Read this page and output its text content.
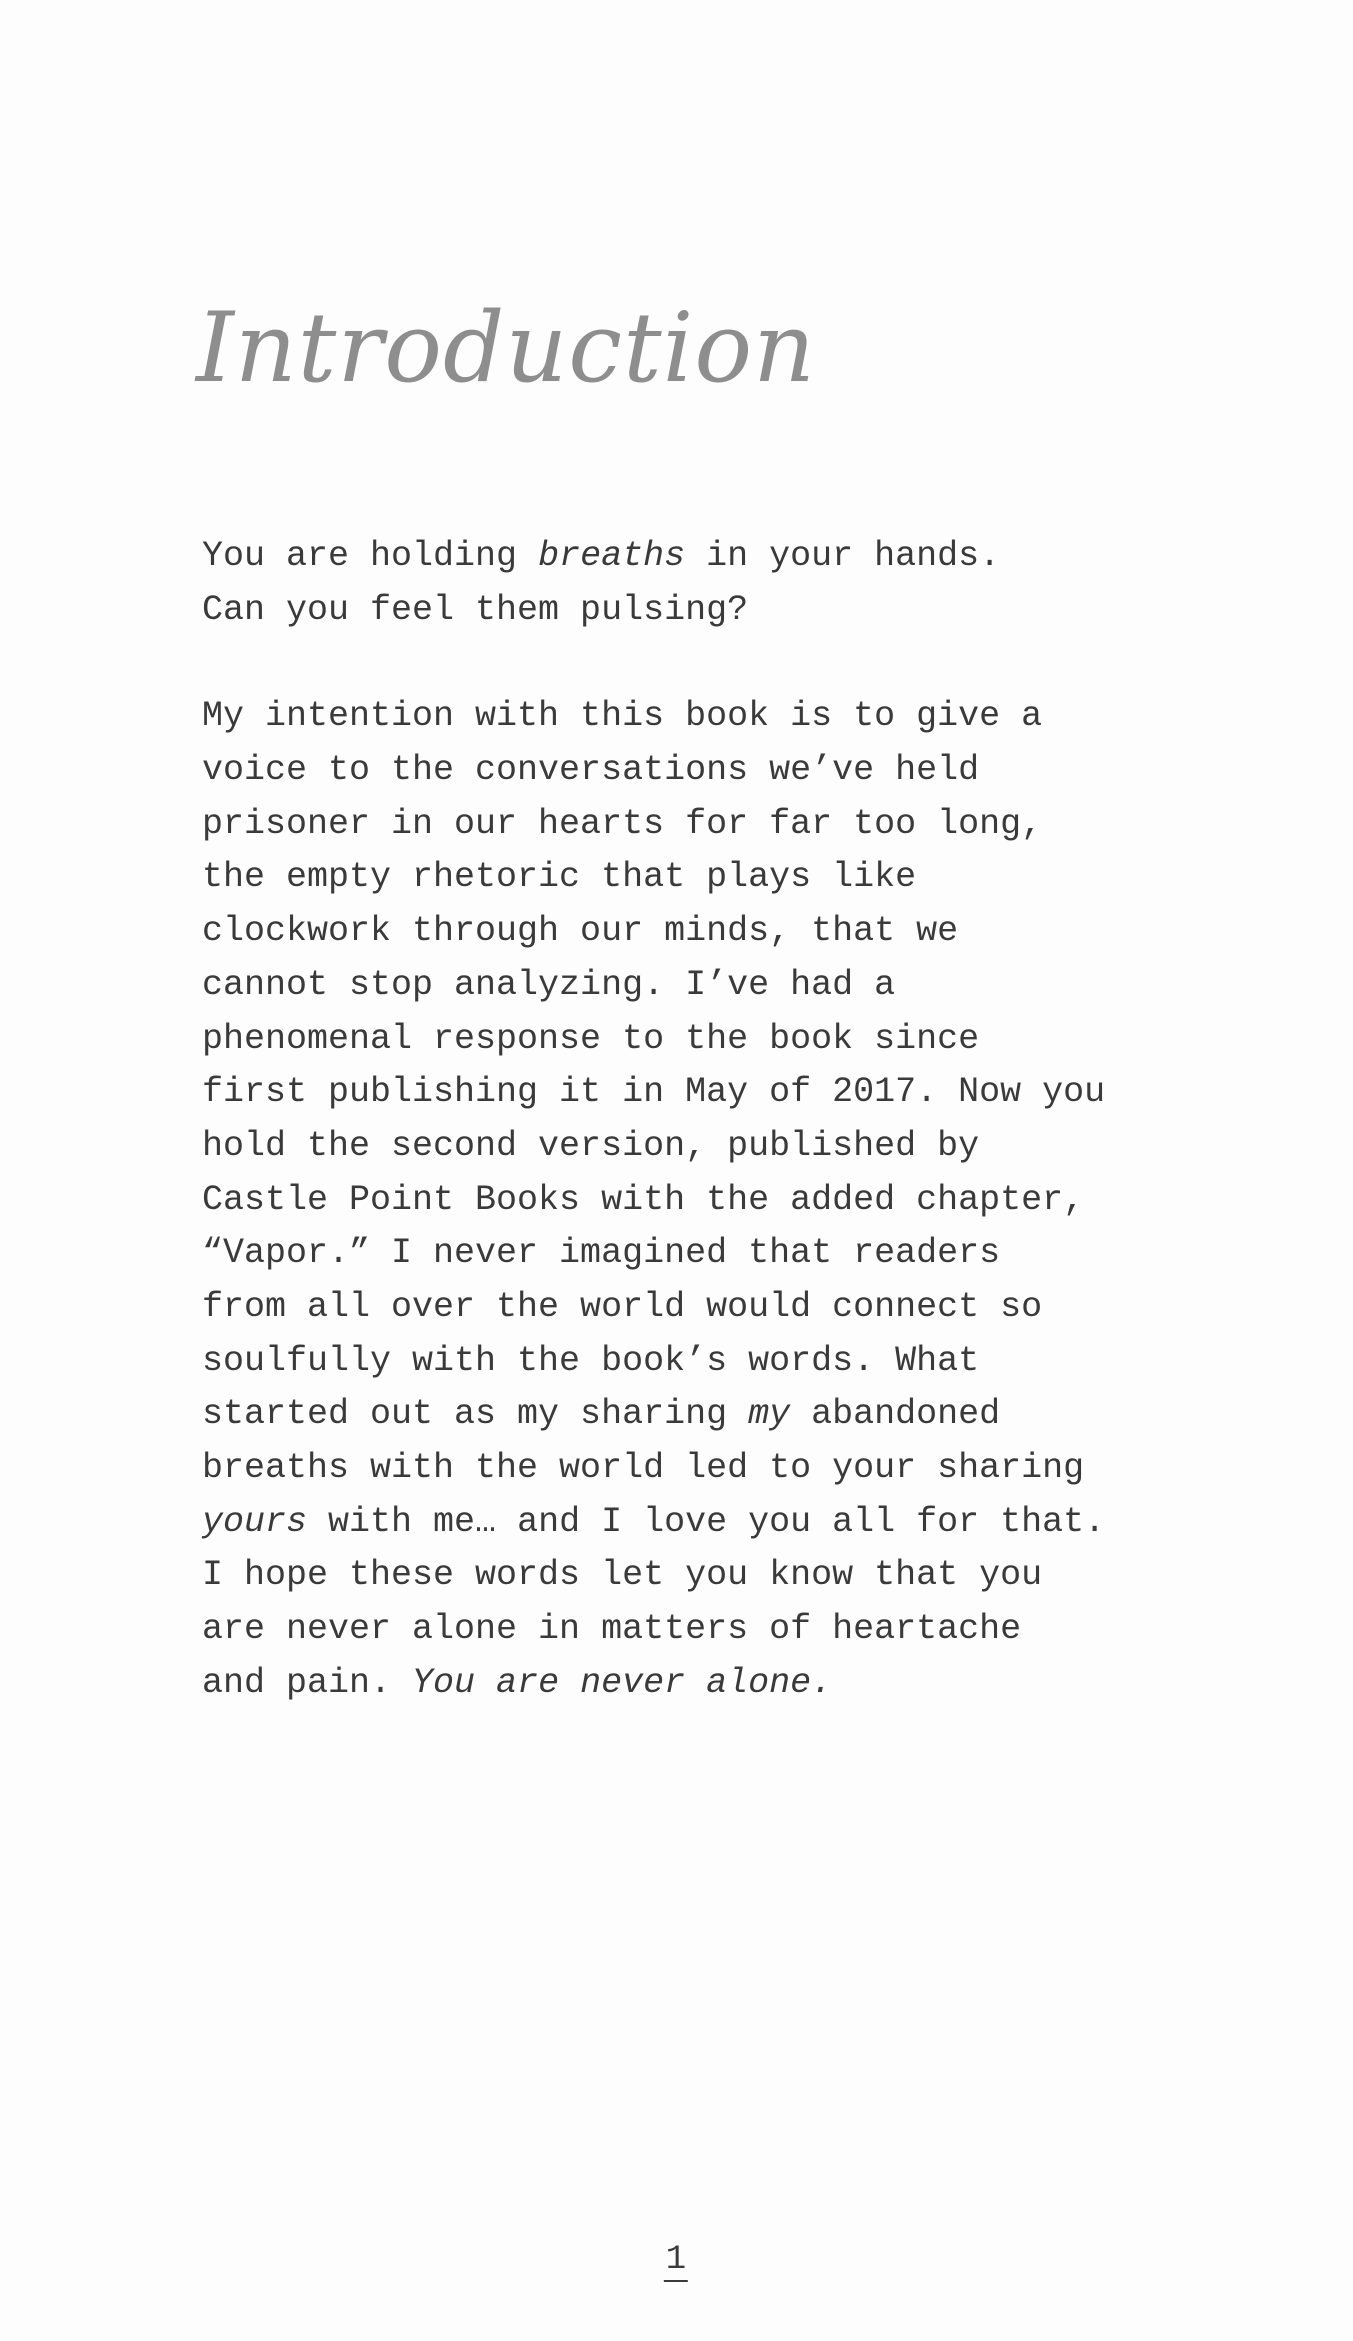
Introduction
You are holding breaths in your hands.
Can you feel them pulsing?
My intention with this book is to give a
voice to the conversations we’ve held
prisoner in our hearts for far too long,
the empty rhetoric that plays like
clockwork through our minds, that we
cannot stop analyzing. I’ve had a
phenomenal response to the book since
first publishing it in May of 2017. Now you
hold the second version, published by
Castle Point Books with the added chapter,
“Vapor.” I never imagined that readers
from all over the world would connect so
soulfully with the book’s words. What
started out as my sharing my abandoned
breaths with the world led to your sharing
yours with me… and I love you all for that.
I hope these words let you know that you
are never alone in matters of heartache
and pain. You are never alone.
1
